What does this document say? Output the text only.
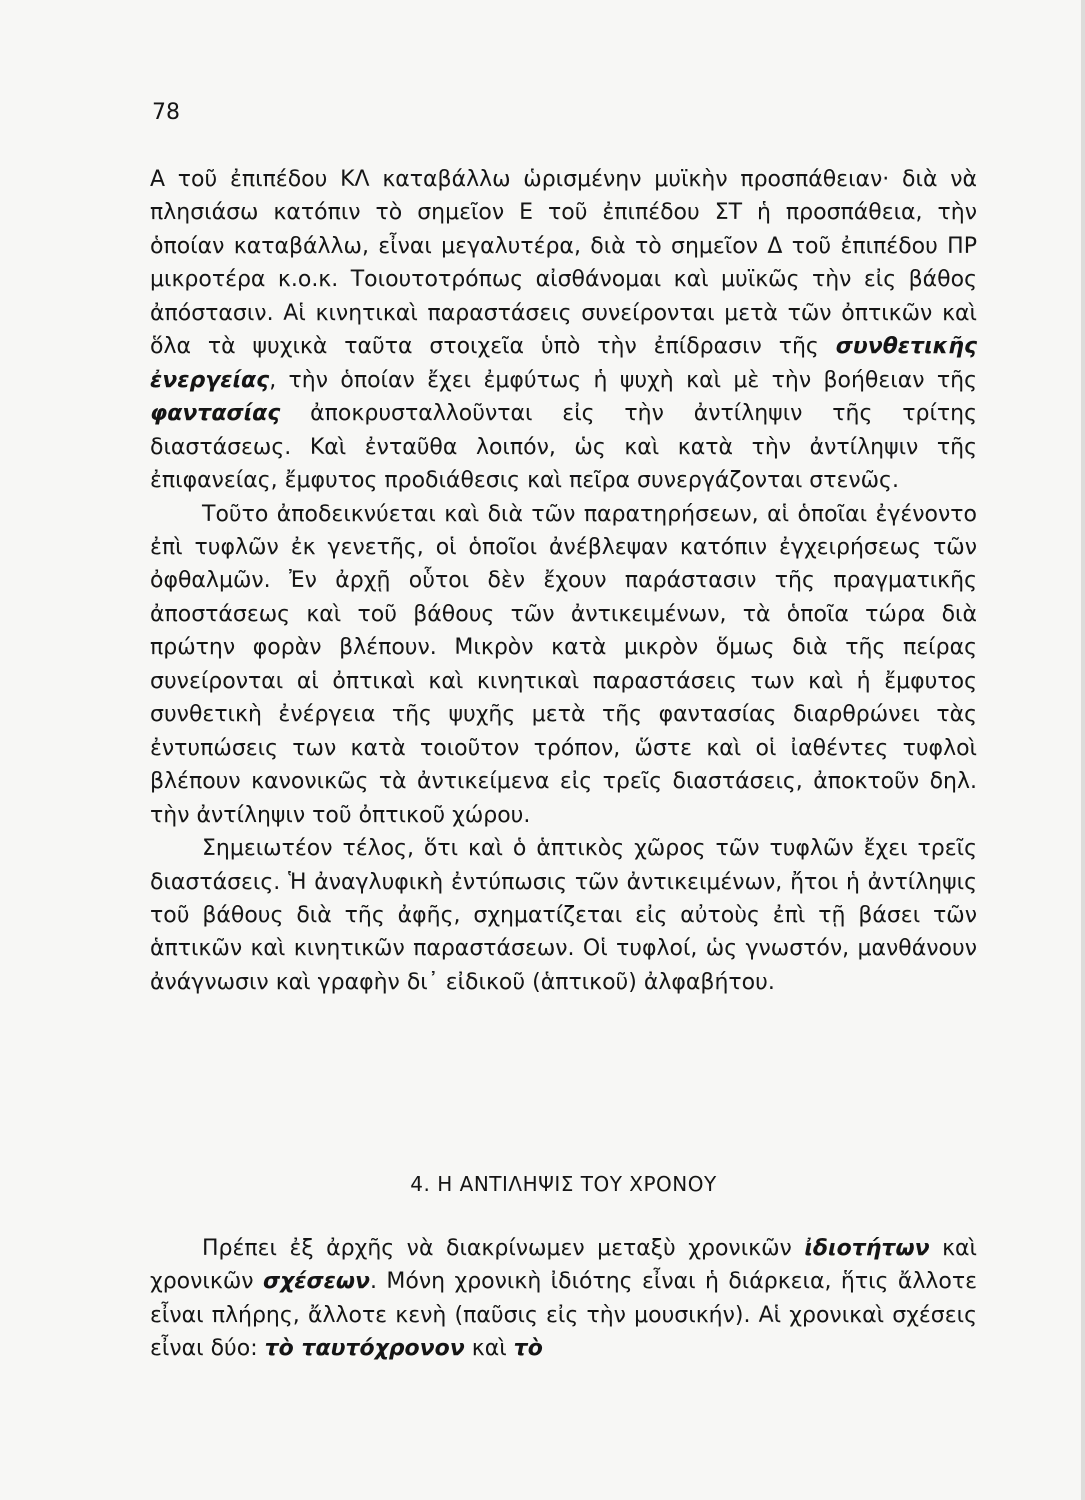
78

A τοῦ ἐπιπέδου ΚΛ καταβάλλω ὡρισμένην μυϊκὴν προσπάθειαν· διὰ νὰ πλησιάσω κατόπιν τὸ σημεῖον Ε τοῦ ἐπιπέδου ΣΤ ἡ προσπάθεια, τὴν ὁποίαν καταβάλλω, εἶναι μεγαλυτέρα, διὰ τὸ σημεῖον Δ τοῦ ἐπιπέδου ΠΡ μικροτέρα κ.ο.κ. Τοιουτοτρόπως αἰσθάνομαι καὶ μυϊκῶς τὴν εἰς βάθος ἀπόστασιν. Αἱ κινητικαὶ παραστάσεις συνείρονται μετὰ τῶν ὀπτικῶν καὶ ὅλα τὰ ψυχικὰ ταῦτα στοιχεῖα ὑπὸ τὴν ἐπίδρασιν τῆς συνθετικῆς ἐνεργείας, τὴν ὁποίαν ἔχει ἐμφύτως ἡ ψυχὴ καὶ μὲ τὴν βοήθειαν τῆς φαντασίας ἀποκρυσταλλοῦνται εἰς τὴν ἀντίληψιν τῆς τρίτης διαστάσεως. Καὶ ἐνταῦθα λοιπόν, ὡς καὶ κατὰ τὴν ἀντίληψιν τῆς ἐπιφανείας, ἔμφυτος προδιάθεσις καὶ πεῖρα συνεργάζονται στενῶς.

Τοῦτο ἀποδεικνύεται καὶ διὰ τῶν παρατηρήσεων, αἱ ὁποῖαι ἐγένοντο ἐπὶ τυφλῶν ἐκ γενετῆς, οἱ ὁποῖοι ἀνέβλεψαν κατόπιν ἐγχειρήσεως τῶν ὀφθαλμῶν. Ἐν ἀρχῇ οὗτοι δὲν ἔχουν παράστασιν τῆς πραγματικῆς ἀποστάσεως καὶ τοῦ βάθους τῶν ἀντικειμένων, τὰ ὁποῖα τώρα διὰ πρώτην φορὰν βλέπουν. Μικρὸν κατὰ μικρὸν ὅμως διὰ τῆς πείρας συνείρονται αἱ ὀπτικαὶ καὶ κινητικαὶ παραστάσεις των καὶ ἡ ἔμφυτος συνθετικὴ ἐνέργεια τῆς ψυχῆς μετὰ τῆς φαντασίας διαρθρώνει τὰς ἐντυπώσεις των κατὰ τοιοῦτον τρόπον, ὥστε καὶ οἱ ἰαθέντες τυφλοὶ βλέπουν κανονικῶς τὰ ἀντικείμενα εἰς τρεῖς διαστάσεις, ἀποκτοῦν δηλ. τὴν ἀντίληψιν τοῦ ὀπτικοῦ χώρου.

Σημειωτέον τέλος, ὅτι καὶ ὁ ἁπτικὸς χῶρος τῶν τυφλῶν ἔχει τρεῖς διαστάσεις. Ἡ ἀναγλυφικὴ ἐντύπωσις τῶν ἀντικειμένων, ἤτοι ἡ ἀντίληψις τοῦ βάθους διὰ τῆς ἀφῆς, σχηματίζεται εἰς αὐτοὺς ἐπὶ τῇ βάσει τῶν ἁπτικῶν καὶ κινητικῶν παραστάσεων. Οἱ τυφλοί, ὡς γνωστόν, μανθάνουν ἀνάγνωσιν καὶ γραφὴν δι᾿ εἰδικοῦ (ἁπτικοῦ) ἀλφαβήτου.

4. Η ΑΝΤΙΛΗΨΙΣ ΤΟΥ ΧΡΟΝΟΥ

Πρέπει ἐξ ἀρχῆς νὰ διακρίνωμεν μεταξὺ χρονικῶν ἰδιοτήτων καὶ χρονικῶν σχέσεων. Μόνη χρονικὴ ἰδιότης εἶναι ἡ διάρκεια, ἥτις ἄλλοτε εἶναι πλήρης, ἄλλοτε κενὴ (παῦσις εἰς τὴν μουσικήν). Αἱ χρονικαὶ σχέσεις εἶναι δύο: τὸ ταυτόχρονον καὶ τὸ
